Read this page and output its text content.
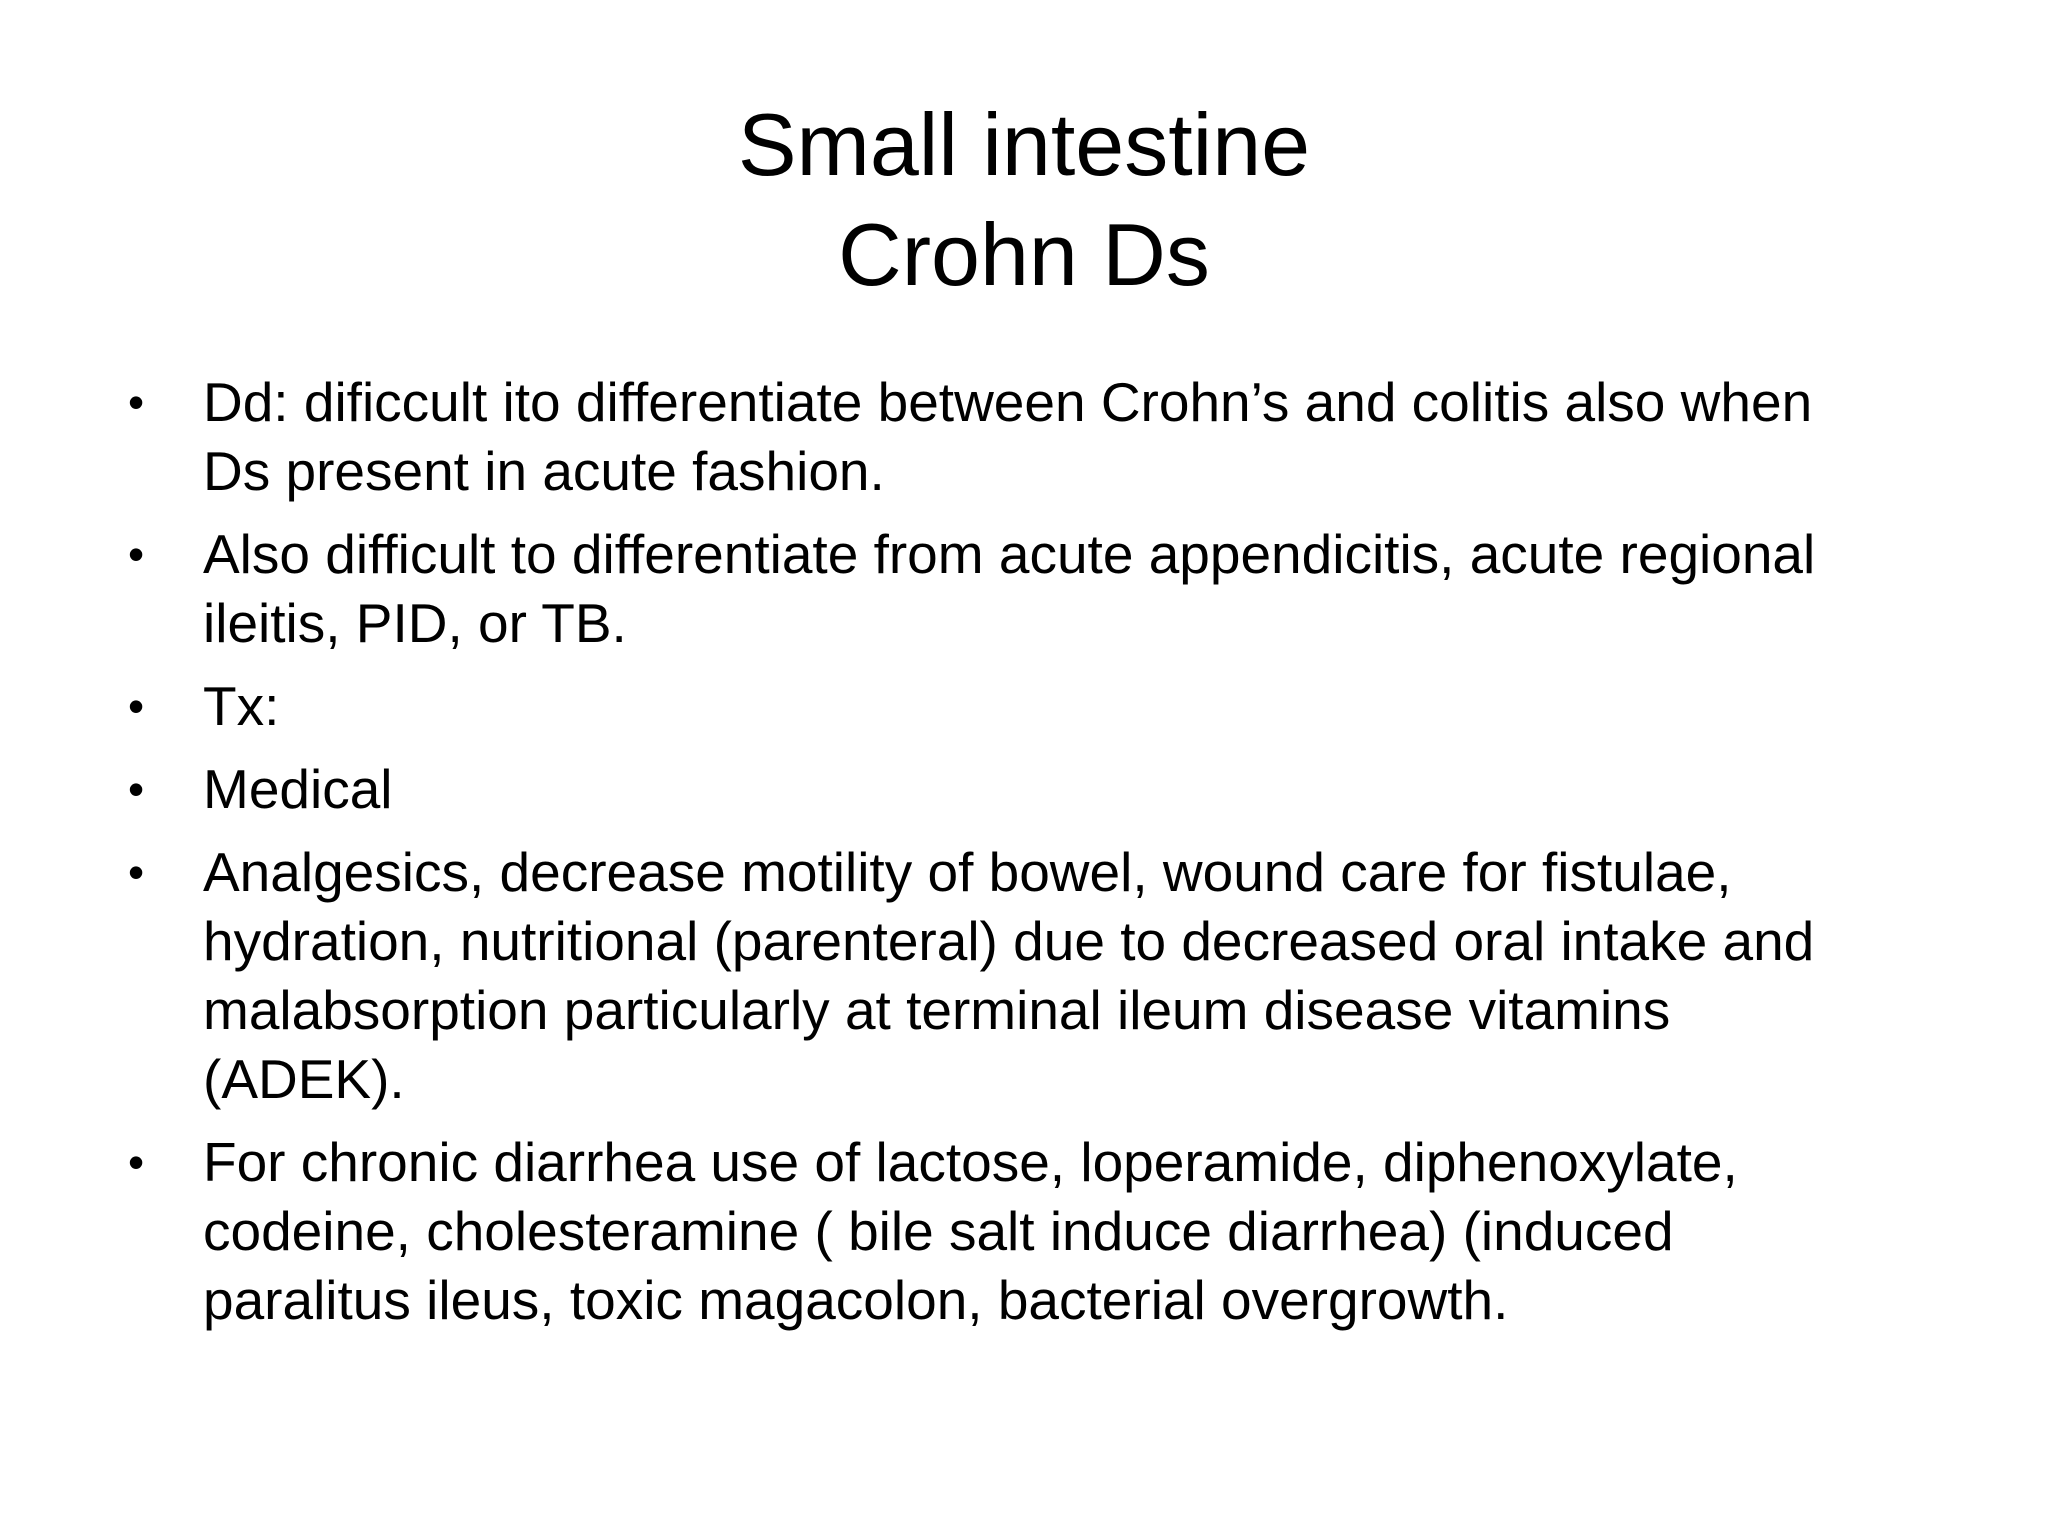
Small intestine
Crohn Ds
• Dd: dificcult ito differentiate between Crohn’s and colitis also when
Ds present in acute fashion.
• Also difficult to differentiate from acute appendicitis, acute regional
ileitis, PID, or TB.
• Tx:
• Medical
• Analgesics, decrease motility of bowel, wound care for fistulae,
hydration, nutritional (parenteral) due to decreased oral intake and
malabsorption particularly at terminal ileum disease vitamins
(ADEK).
• For chronic diarrhea use of lactose, loperamide, diphenoxylate,
codeine, cholesteramine ( bile salt induce diarrhea) (induced
paralitus ileus, toxic magacolon, bacterial overgrowth.
